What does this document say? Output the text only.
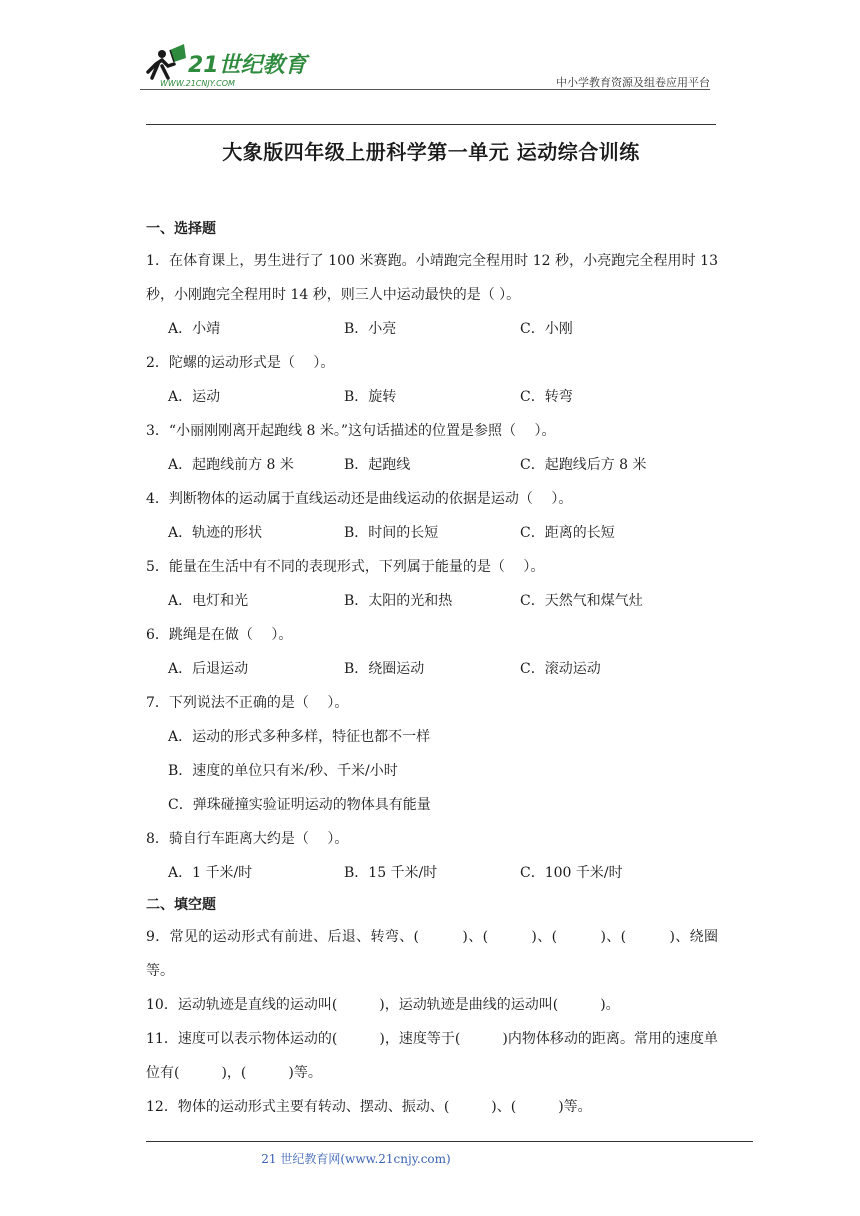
21世纪教育
WWW.21CNJY.COM	中小学教育资源及组卷应用平台
大象版四年级上册科学第一单元 运动综合训练
一、选择题

1．在体育课上，男生进行了 100 米赛跑。小靖跑完全程用时 12 秒，小亮跑完全程用时 13 秒，小刚跑完全程用时 14 秒，则三人中运动最快的是（ ）。

A．小靖	B．小亮	C．小刚

2．陀螺的运动形式是（　 ）。

A．运动	B．旋转	C．转弯

3．“小丽刚刚离开起跑线 8 米。”这句话描述的位置是参照（　 ）。

A．起跑线前方 8 米	B．起跑线	C．起跑线后方 8 米

4．判断物体的运动属于直线运动还是曲线运动的依据是运动（　 ）。

A．轨迹的形状	B．时间的长短	C．距离的长短

5．能量在生活中有不同的表现形式，下列属于能量的是（　 ）。

A．电灯和光	B．太阳的光和热	C．天然气和煤气灶

6．跳绳是在做（　 ）。

A．后退运动	B．绕圈运动	C．滚动运动

7．下列说法不正确的是（　 ）。

A．运动的形式多种多样，特征也都不一样
B．速度的单位只有米/秒、千米/小时
C．弹珠碰撞实验证明运动的物体具有能量

8．骑自行车距离大约是（　 ）。

A．1 千米/时	B．15 千米/时	C．100 千米/时
二、填空题

9．常见的运动形式有前进、后退、转弯、(　　　)、(　　　)、(　　　)、(　　　)、绕圈等。

10．运动轨迹是直线的运动叫(　　　)，运动轨迹是曲线的运动叫(　　　)。

11．速度可以表示物体运动的(　　　)，速度等于(　　　)内物体移动的距离。常用的速度单位有(　　　)，(　　　)等。

12．物体的运动形式主要有转动、摆动、振动、(　　　)、(　　　)等。

21 世纪教育网(www.21cnjy.com)
